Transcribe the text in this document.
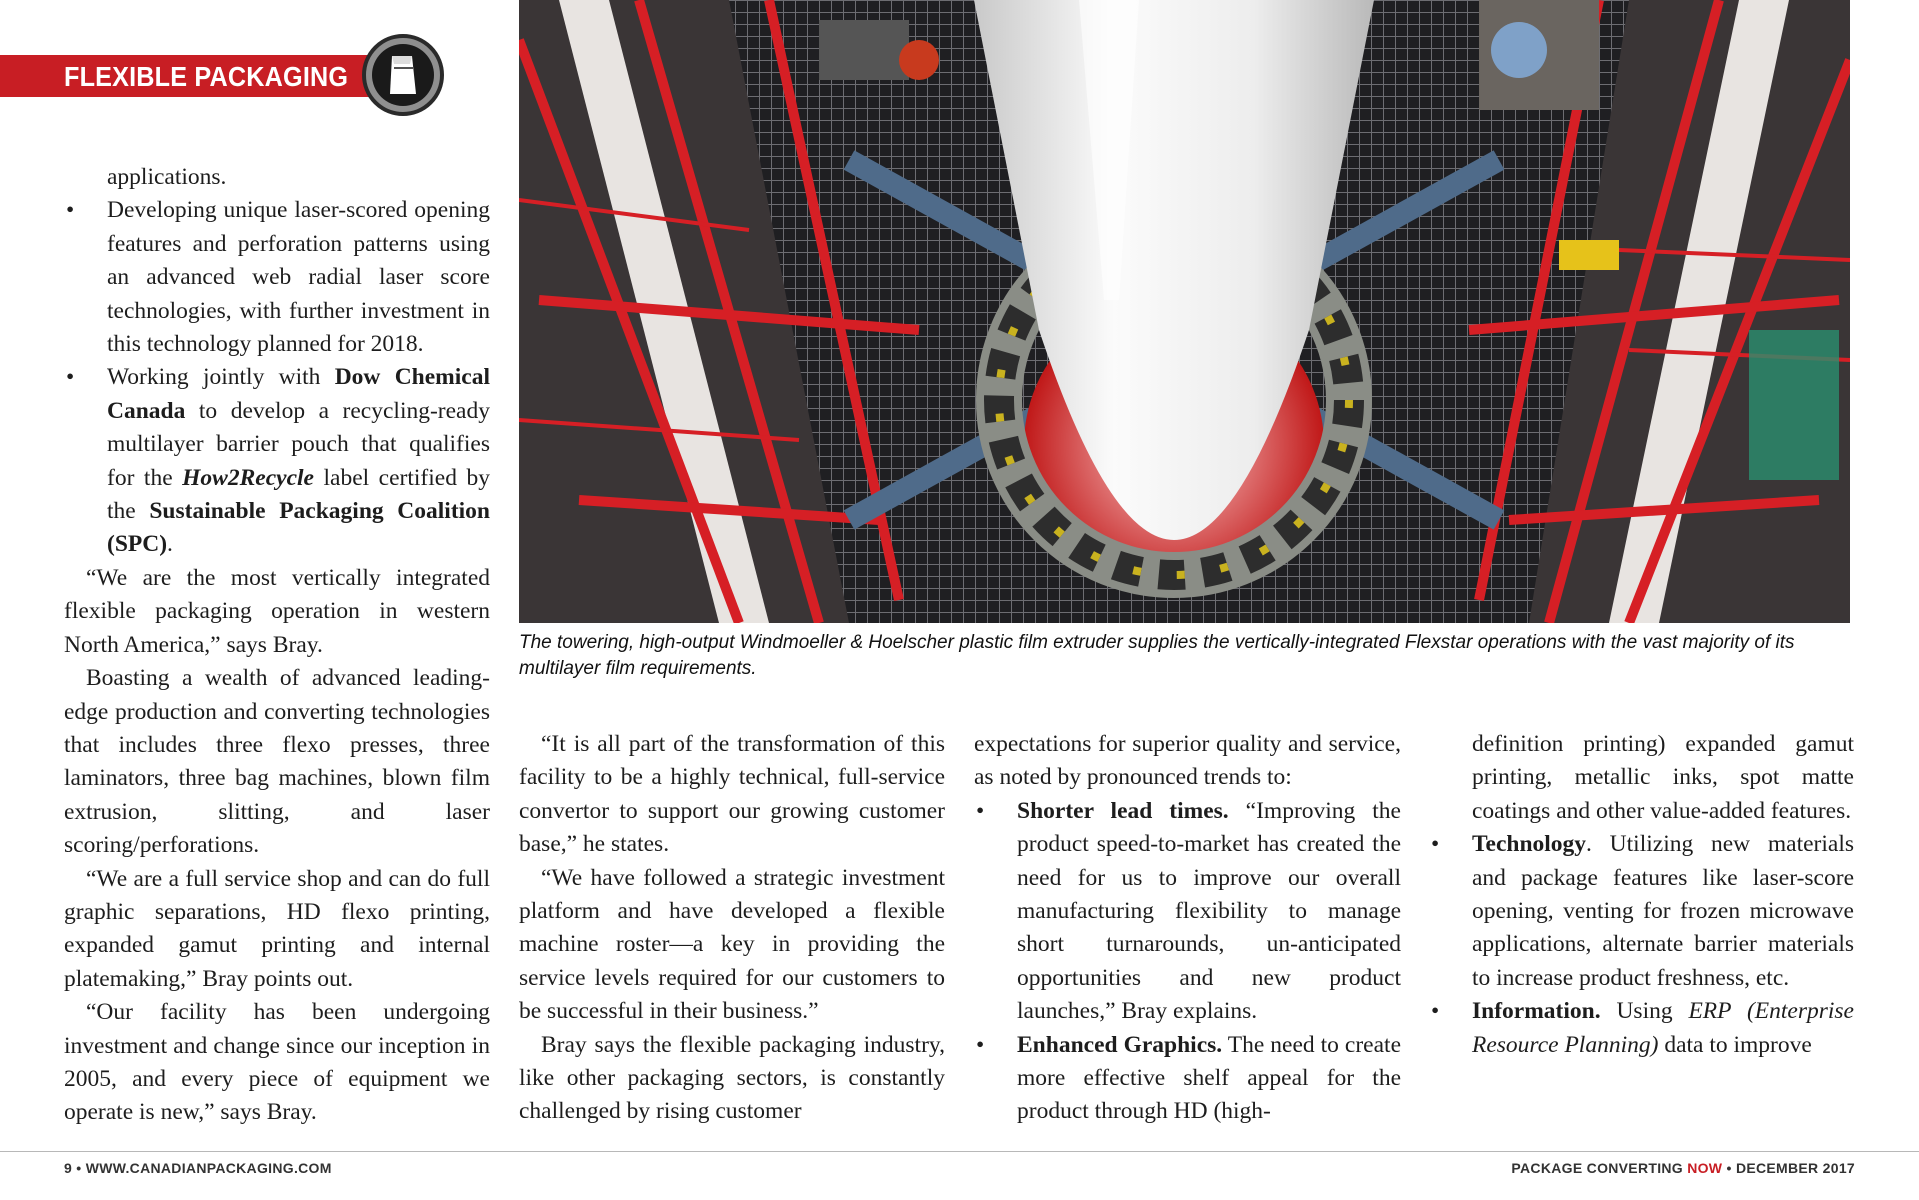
FLEXIBLE PACKAGING
The towering, high-output Windmoeller & Hoelscher plastic film extruder supplies the vertically-integrated Flexstar operations with the vast majority of its multilayer film requirements.

applications.

• Developing unique laser-scored opening features and perforation patterns using an advanced web radial laser score technologies, with further investment in this technology planned for 2018.

• Working jointly with Dow Chemical Canada to develop a recycling-ready multilayer barrier pouch that qualifies for the How2Recycle label certified by the Sustainable Packaging Coalition (SPC).

“We are the most vertically integrated flexible packaging operation in western North America,” says Bray.

Boasting a wealth of advanced leading-edge production and converting technologies that includes three flexo presses, three laminators, three bag machines, blown film extrusion, slitting, and laser scoring/perforations.

“We are a full service shop and can do full graphic separations, HD flexo printing, expanded gamut printing and internal platemaking,” Bray points out.

“Our facility has been undergoing investment and change since our inception in 2005, and every piece of equipment we operate is new,” says Bray.

“It is all part of the transformation of this facility to be a highly technical, full-service convertor to support our growing customer base,” he states.

“We have followed a strategic investment platform and have developed a flexible machine roster—a key in providing the service levels required for our customers to be successful in their business.”

Bray says the flexible packaging industry, like other packaging sectors, is constantly challenged by rising customer

expectations for superior quality and service, as noted by pronounced trends to:

• Shorter lead times. “Improving the product speed-to-market has created the need for us to improve our overall manufacturing flexibility to manage short turnarounds, un-anticipated opportunities and new product launches,” Bray explains.

• Enhanced Graphics. The need to create more effective shelf appeal for the product through HD (high-

definition printing) expanded gamut printing, metallic inks, spot matte coatings and other value-added features.

• Technology. Utilizing new materials and package features like laser-score opening, venting for frozen microwave applications, alternate barrier materials to increase product freshness, etc.

• Information. Using ERP (Enterprise Resource Planning) data to improve

9 • WWW.CANADIANPACKAGING.COM	PACKAGE CONVERTING NOW • DECEMBER 2017
